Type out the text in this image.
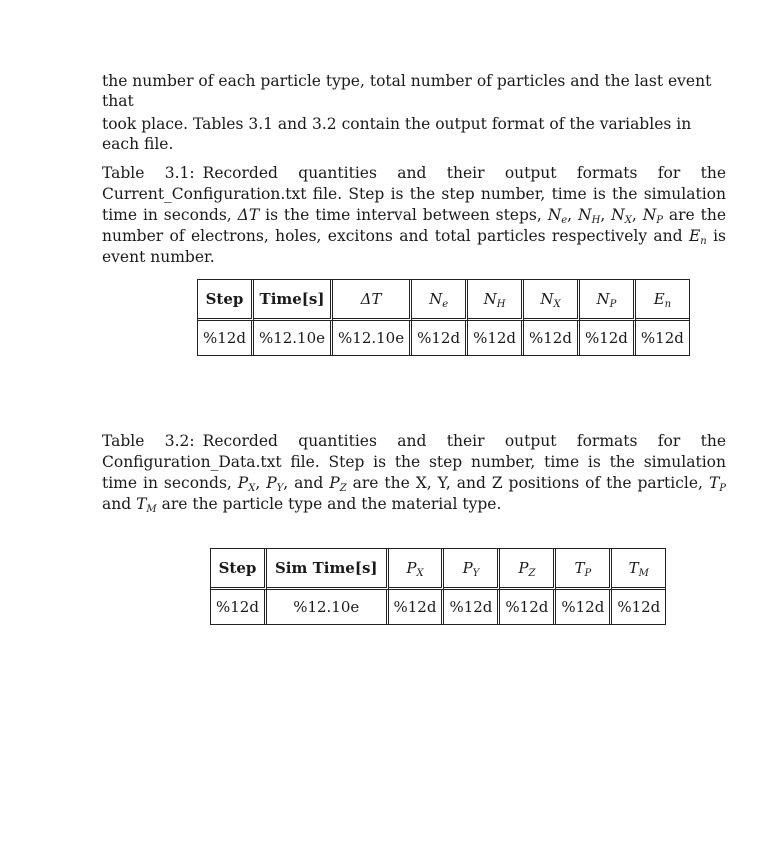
the number of each particle type, total number of particles and the last event that

took place. Tables 3.1 and 3.2 contain the output format of the variables in each file.

Table 3.1: Recorded quantities and their output formats for the Current_Configuration.txt file. Step is the step number, time is the simulation time in seconds, ΔT is the time interval between steps, $N_e$, $N_H$, $N_X$, $N_P$ are the number of electrons, holes, excitons and total particles respectively and $E_n$ is event number.

Table 3.2: Recorded quantities and their output formats for the Configuration_Data.txt file. Step is the step number, time is the simulation time in seconds, $P_X$, $P_Y$, and $P_Z$ are the X, Y, and Z positions of the particle, $T_P$ and $T_M$ are the particle type and the material type.

Step	Time[s]	ΔT	$N_e$	$N_H$	$N_X$	$N_P$	$E_n$
%12d	%12.10e	%12.10e	%12d	%12d	%12d	%12d	%12d
Step	Sim Time[s]	$P_X$	$P_Y$	$P_Z$	$T_P$	$T_M$
%12d	%12.10e	%12d	%12d	%12d	%12d	%12d
